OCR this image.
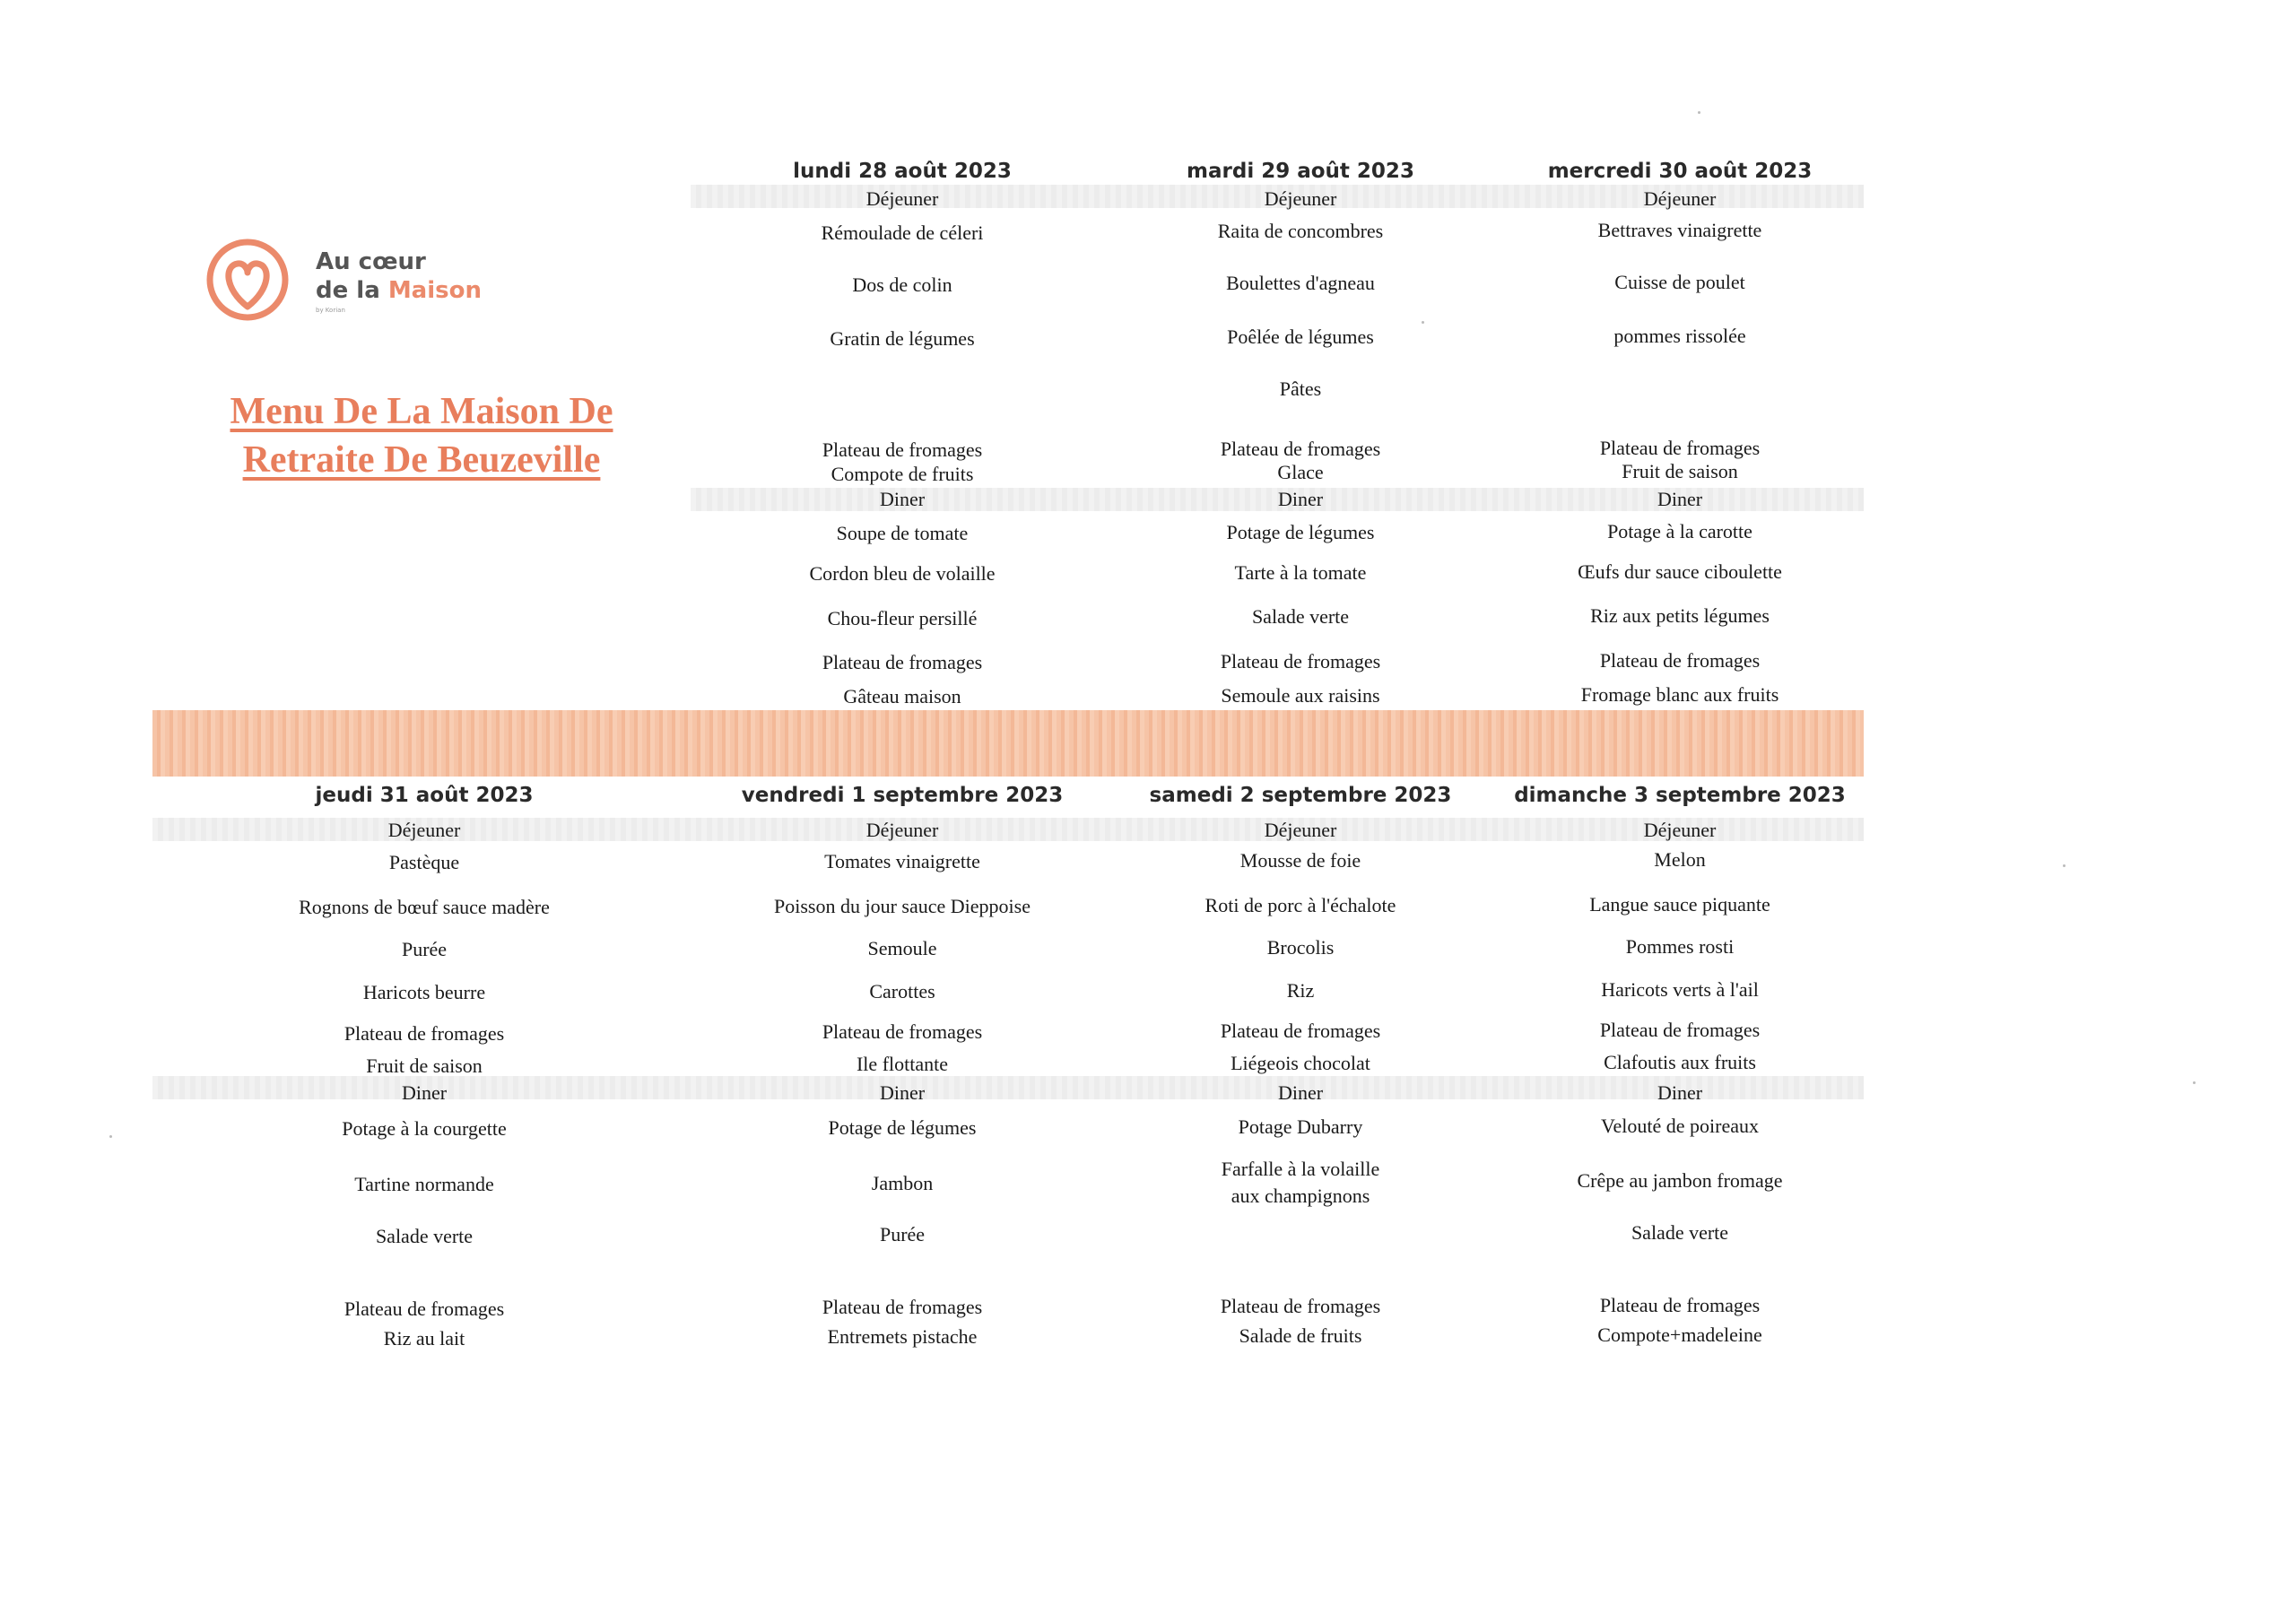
Au cœur
de la Maison
by Korian
Menu De La Maison De
Retraite De Beuzeville
lundi 28 août 2023
Déjeuner
Rémoulade de céleri
Dos de colin
Gratin de légumes
Plateau de fromages
Compote de fruits
Diner
Soupe de tomate
Cordon bleu de volaille
Chou-fleur persillé
Plateau de fromages
Gâteau maison
mardi 29 août 2023
Déjeuner
Raita de concombres
Boulettes d'agneau
Poêlée de légumes
Pâtes
Plateau de fromages
Glace
Diner
Potage de légumes
Tarte à la tomate
Salade verte
Plateau de fromages
Semoule aux raisins
mercredi 30 août 2023
Déjeuner
Bettraves vinaigrette
Cuisse de poulet
pommes rissolée
Plateau de fromages
Fruit de saison
Diner
Potage à la carotte
Œufs dur sauce ciboulette
Riz aux petits légumes
Plateau de fromages
Fromage blanc aux fruits
jeudi 31 août 2023
Déjeuner
Pastèque
Rognons de bœuf sauce madère
Purée
Haricots beurre
Plateau de fromages
Fruit de saison
Diner
Potage à la courgette
Tartine normande
Salade verte
Plateau de fromages
Riz au lait
vendredi 1 septembre 2023
Déjeuner
Tomates vinaigrette
Poisson du jour sauce Dieppoise
Semoule
Carottes
Plateau de fromages
Ile flottante
Diner
Potage de légumes
Jambon
Purée
Plateau de fromages
Entremets pistache
samedi 2 septembre 2023
Déjeuner
Mousse de foie
Roti de porc à l'échalote
Brocolis
Riz
Plateau de fromages
Liégeois chocolat
Diner
Potage Dubarry
Farfalle à la volaille
aux champignons
Plateau de fromages
Salade de fruits
dimanche 3 septembre 2023
Déjeuner
Melon
Langue sauce piquante
Pommes rosti
Haricots verts à l'ail
Plateau de fromages
Clafoutis aux fruits
Diner
Velouté de poireaux
Crêpe au jambon fromage
Salade verte
Plateau de fromages
Compote+madeleine
